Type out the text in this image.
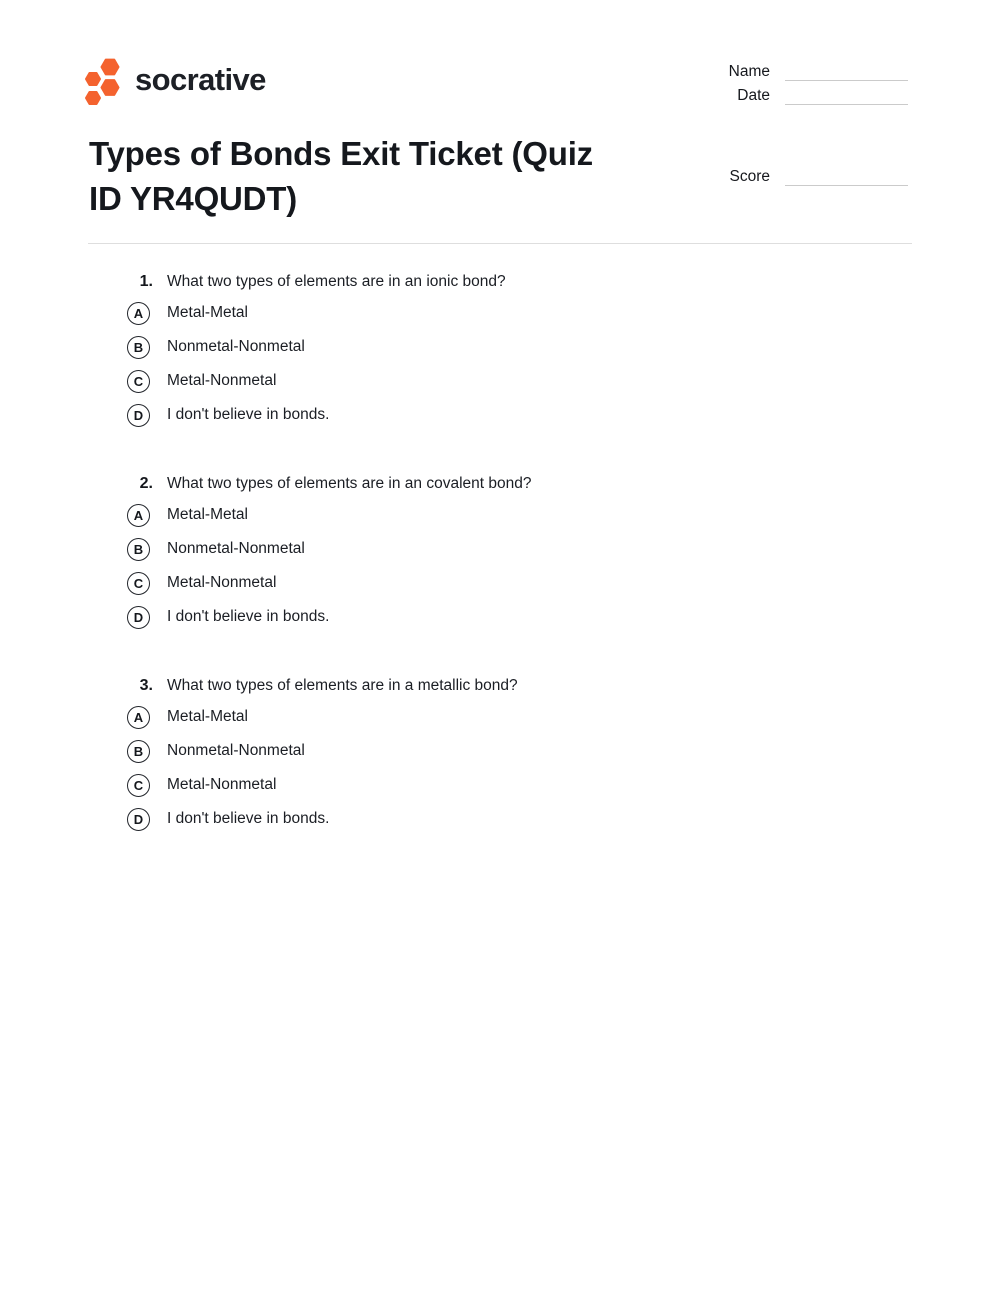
socrative	Name
Date
Types of Bonds Exit Ticket (Quiz
ID YR4QUDT)
Score
1. What two types of elements are in an ionic bond?
A	Metal-Metal
B	Nonmetal-Nonmetal
C	Metal-Nonmetal
D	I don't believe in bonds.
2. What two types of elements are in an covalent bond?
A	Metal-Metal
B	Nonmetal-Nonmetal
C	Metal-Nonmetal
D	I don't believe in bonds.
3. What two types of elements are in a metallic bond?
A	Metal-Metal
B	Nonmetal-Nonmetal
C	Metal-Nonmetal
D	I don't believe in bonds.
